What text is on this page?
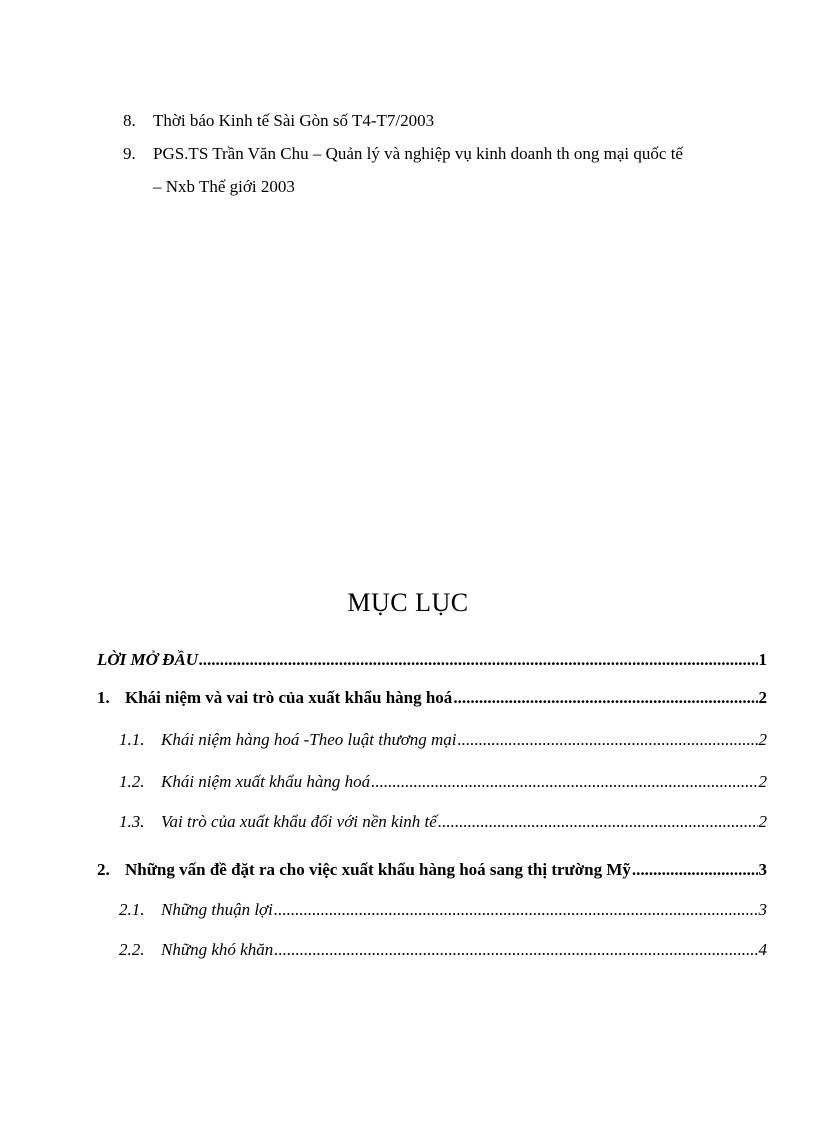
8. Thời báo Kinh tế Sài Gòn số T4-T7/2003
9. PGS.TS Trần Văn Chu – Quản lý và nghiệp vụ kinh doanh th ong mại quốc tế
– Nxb Thế giới 2003
MỤC LỤC
LỜI MỞ ĐẦU .....	1
1. Khái niệm và vai trò của xuất khẩu hàng hoá .....	2
1.1. Khái niệm hàng hoá -Theo luật thương mại .....	2
1.2. Khái niệm xuất khẩu hàng hoá .....	2
1.3. Vai trò của xuất khẩu đối với nền kinh tế .....	2
2. Những vấn đề đặt ra cho việc xuất khẩu hàng hoá sang thị trường Mỹ .....	3
2.1. Những thuận lợi .....	3
2.2. Những khó khăn .....	4
